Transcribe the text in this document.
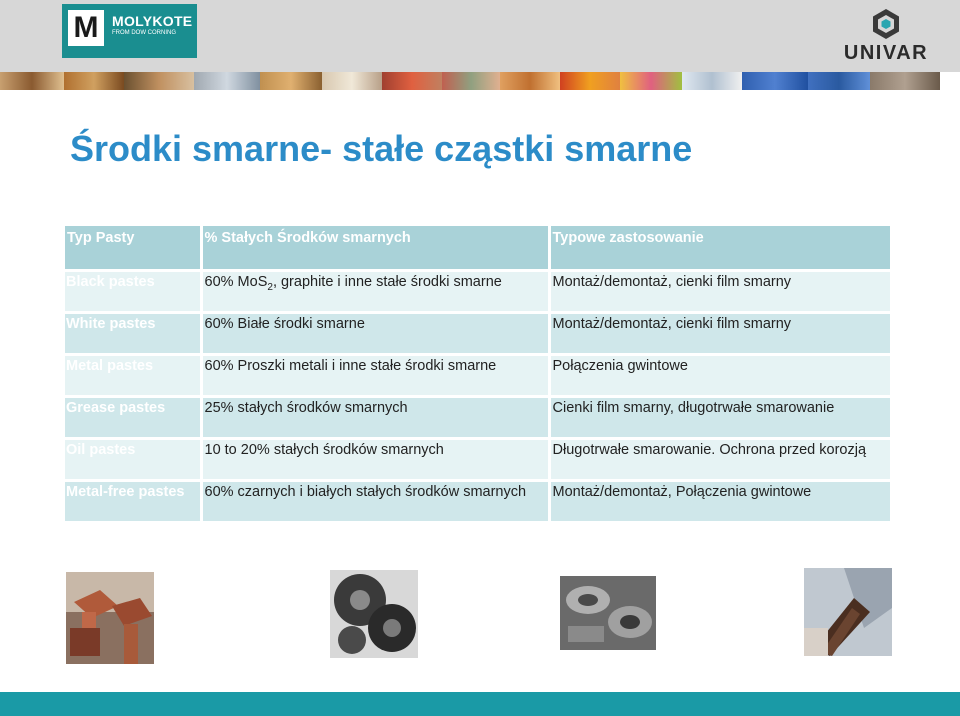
M MOLYKOTE
FROM DOW CORNING
UNIVAR
Środki smarne- stałe cząstki smarne
Typ Pasty	% Stałych Środków smarnych	Typowe zastosowanie
Black pastes	60% MoS$_2$, graphite i inne stałe środki smarne	Montaż/demontaż, cienki film smarny
White pastes	60% Białe środki smarne	Montaż/demontaż, cienki film smarny
Metal pastes	60% Proszki metali i inne stałe środki smarne	Połączenia gwintowe
Grease pastes	25% stałych środków smarnych	Cienki film smarny, długotrwałe smarowanie
Oil pastes	10 to 20% stałych środków smarnych	Długotrwałe smarowanie. Ochrona przed korozją
Metal-free pastes	60% czarnych i białych stałych środków smarnych	Montaż/demontaż, Połączenia gwintowe
